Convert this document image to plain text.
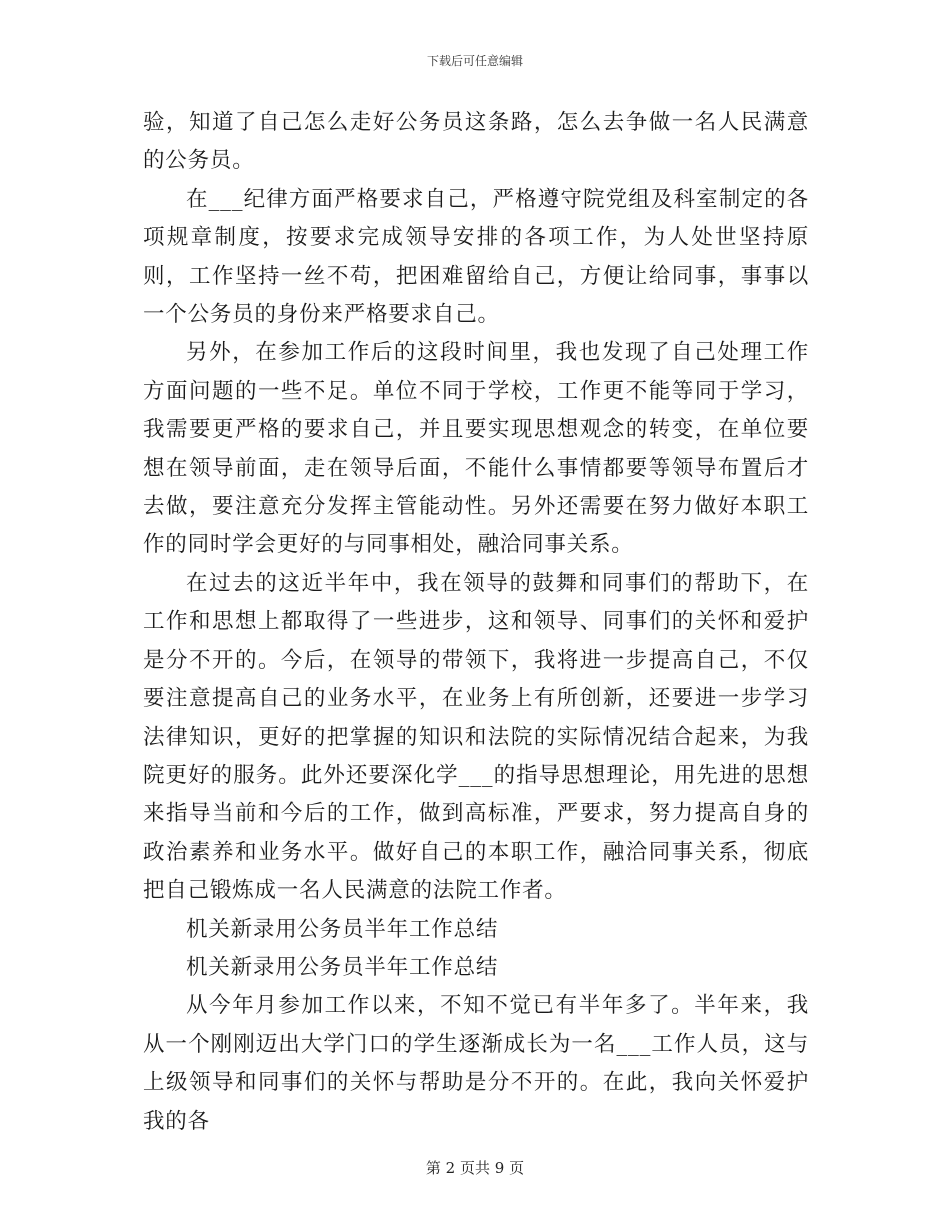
下载后可任意编辑

验，知道了自己怎么走好公务员这条路，怎么去争做一名人民满意的公务员。

在___纪律方面严格要求自己，严格遵守院党组及科室制定的各项规章制度，按要求完成领导安排的各项工作，为人处世坚持原则，工作坚持一丝不苟，把困难留给自己，方便让给同事，事事以一个公务员的身份来严格要求自己。

另外，在参加工作后的这段时间里，我也发现了自己处理工作方面问题的一些不足。单位不同于学校，工作更不能等同于学习，我需要更严格的要求自己，并且要实现思想观念的转变，在单位要想在领导前面，走在领导后面，不能什么事情都要等领导布置后才去做，要注意充分发挥主管能动性。另外还需要在努力做好本职工作的同时学会更好的与同事相处，融洽同事关系。

在过去的这近半年中，我在领导的鼓舞和同事们的帮助下，在工作和思想上都取得了一些进步，这和领导、同事们的关怀和爱护是分不开的。今后，在领导的带领下，我将进一步提高自己，不仅要注意提高自己的业务水平，在业务上有所创新，还要进一步学习法律知识，更好的把掌握的知识和法院的实际情况结合起来，为我院更好的服务。此外还要深化学___的指导思想理论，用先进的思想来指导当前和今后的工作，做到高标准，严要求，努力提高自身的政治素养和业务水平。做好自己的本职工作，融洽同事关系，彻底把自己锻炼成一名人民满意的法院工作者。

机关新录用公务员半年工作总结

机关新录用公务员半年工作总结

从今年月参加工作以来，不知不觉已有半年多了。半年来，我从一个刚刚迈出大学门口的学生逐渐成长为一名___工作人员，这与上级领导和同事们的关怀与帮助是分不开的。在此，我向关怀爱护我的各

第 2 页共 9 页
